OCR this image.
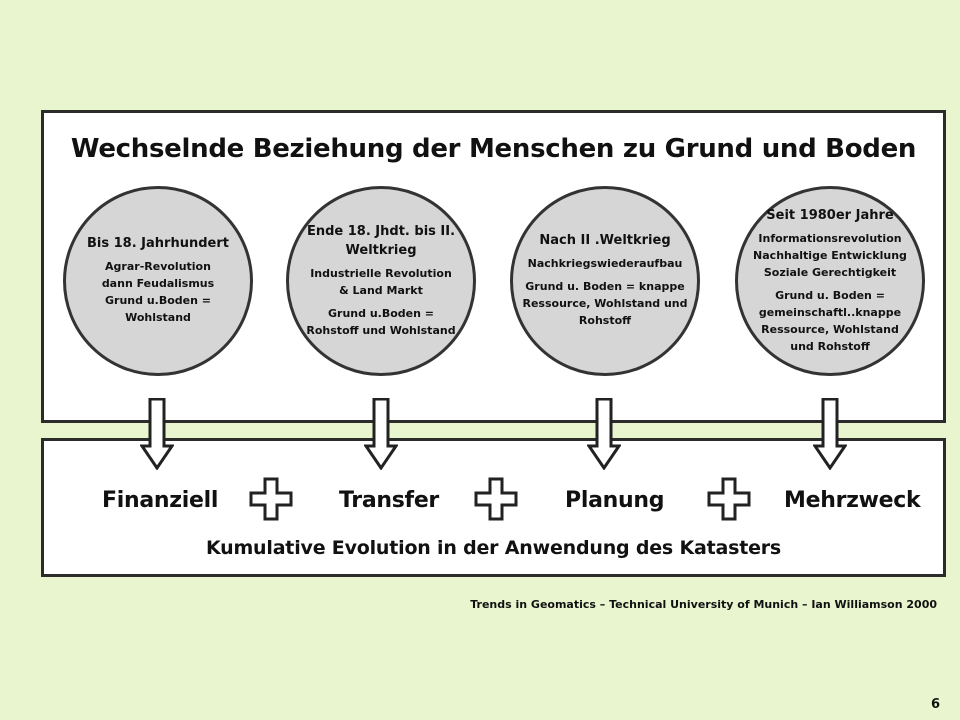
Wechselnde Beziehung der Menschen zu Grund und Boden
Bis 18. Jahrhundert
Agrar-Revolution
dann Feudalismus
Grund u.Boden = Wohlstand
Ende 18. Jhdt. bis II.
Weltkrieg
Industrielle Revolution
& Land Markt
Grund u.Boden =
Rohstoff und Wohlstand
Nach II .Weltkrieg
Nachkriegswiederaufbau
Grund u. Boden = knappe
Ressource, Wohlstand und
Rohstoff
Seit 1980er Jahre
Informationsrevolution
Nachhaltige Entwicklung
Soziale Gerechtigkeit
Grund u. Boden =
gemeinschaftl..knappe
Ressource, Wohlstand
und Rohstoff
Finanziell	Transfer	Planung	Mehrzweck
Kumulative Evolution in der Anwendung des Katasters
Trends in Geomatics – Technical University of Munich – Ian Williamson 2000
6
